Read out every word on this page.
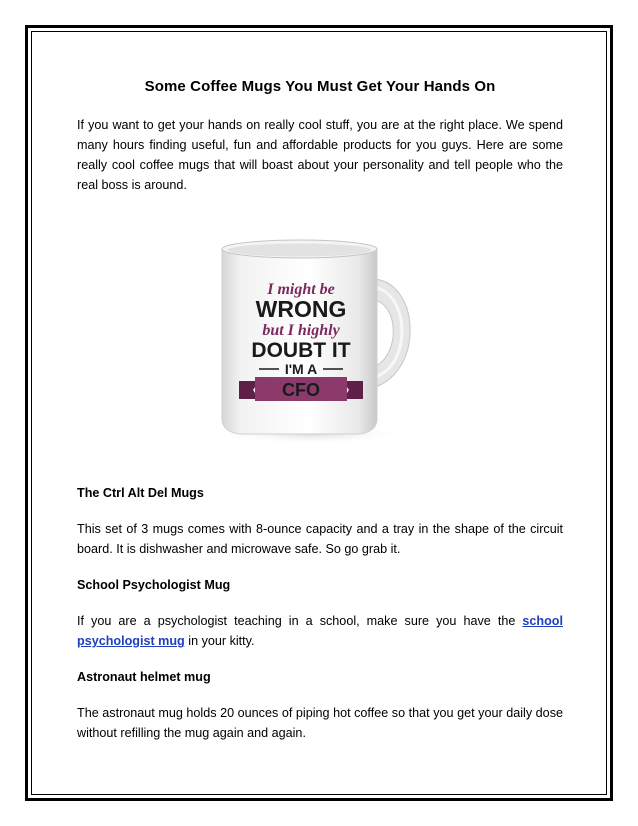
Some Coffee Mugs You Must Get Your Hands On

If you want to get your hands on really cool stuff, you are at the right place. We spend many hours finding useful, fun and affordable products for you guys. Here are some really cool coffee mugs that will boast about your personality and tell people who the real boss is around.

I might be
WRONG
but I highly
DOUBT IT
I'M A
CFO

The Ctrl Alt Del Mugs

This set of 3 mugs comes with 8-ounce capacity and a tray in the shape of the circuit board. It is dishwasher and microwave safe. So go grab it.

School Psychologist Mug

If you are a psychologist teaching in a school, make sure you have the school psychologist mug in your kitty.

Astronaut helmet mug

The astronaut mug holds 20 ounces of piping hot coffee so that you get your daily dose without refilling the mug again and again.
